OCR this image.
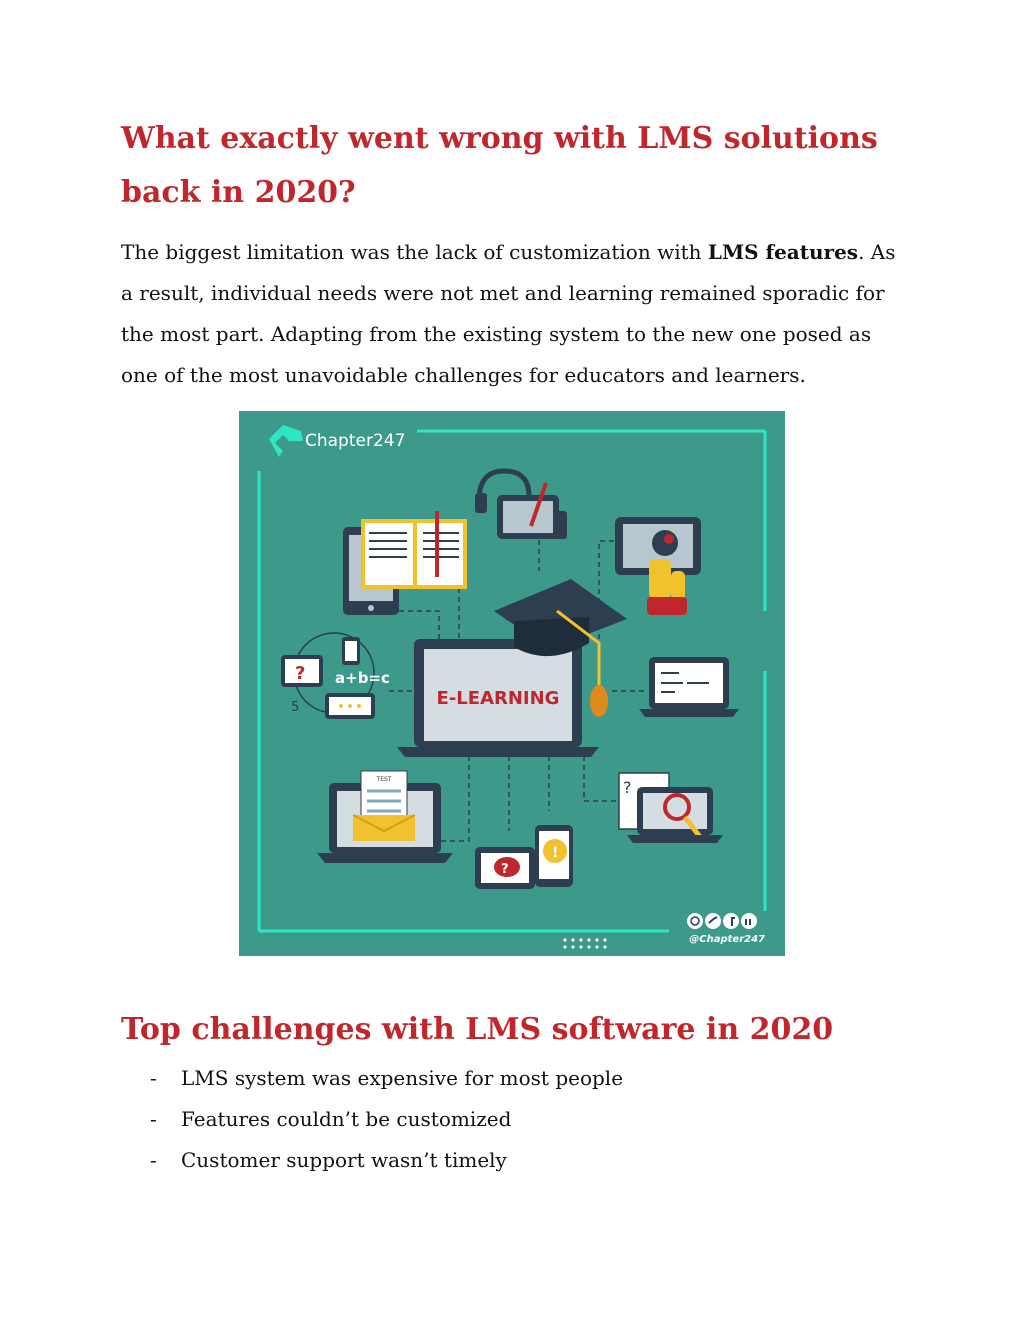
What exactly went wrong with LMS solutions back in 2020?

The biggest limitation was the lack of customization with LMS features. As a result, individual needs were not met and learning remained sporadic for the most part. Adapting from the existing system to the new one posed as one of the most unavoidable challenges for educators and learners.

Chapter247
? a+b=c
5	E-LEARNING
TEST
?
!
?
@Chapter247
Top challenges with LMS software in 2020
- LMS system was expensive for most people
- Features couldn’t be customized
- Customer support wasn’t timely
